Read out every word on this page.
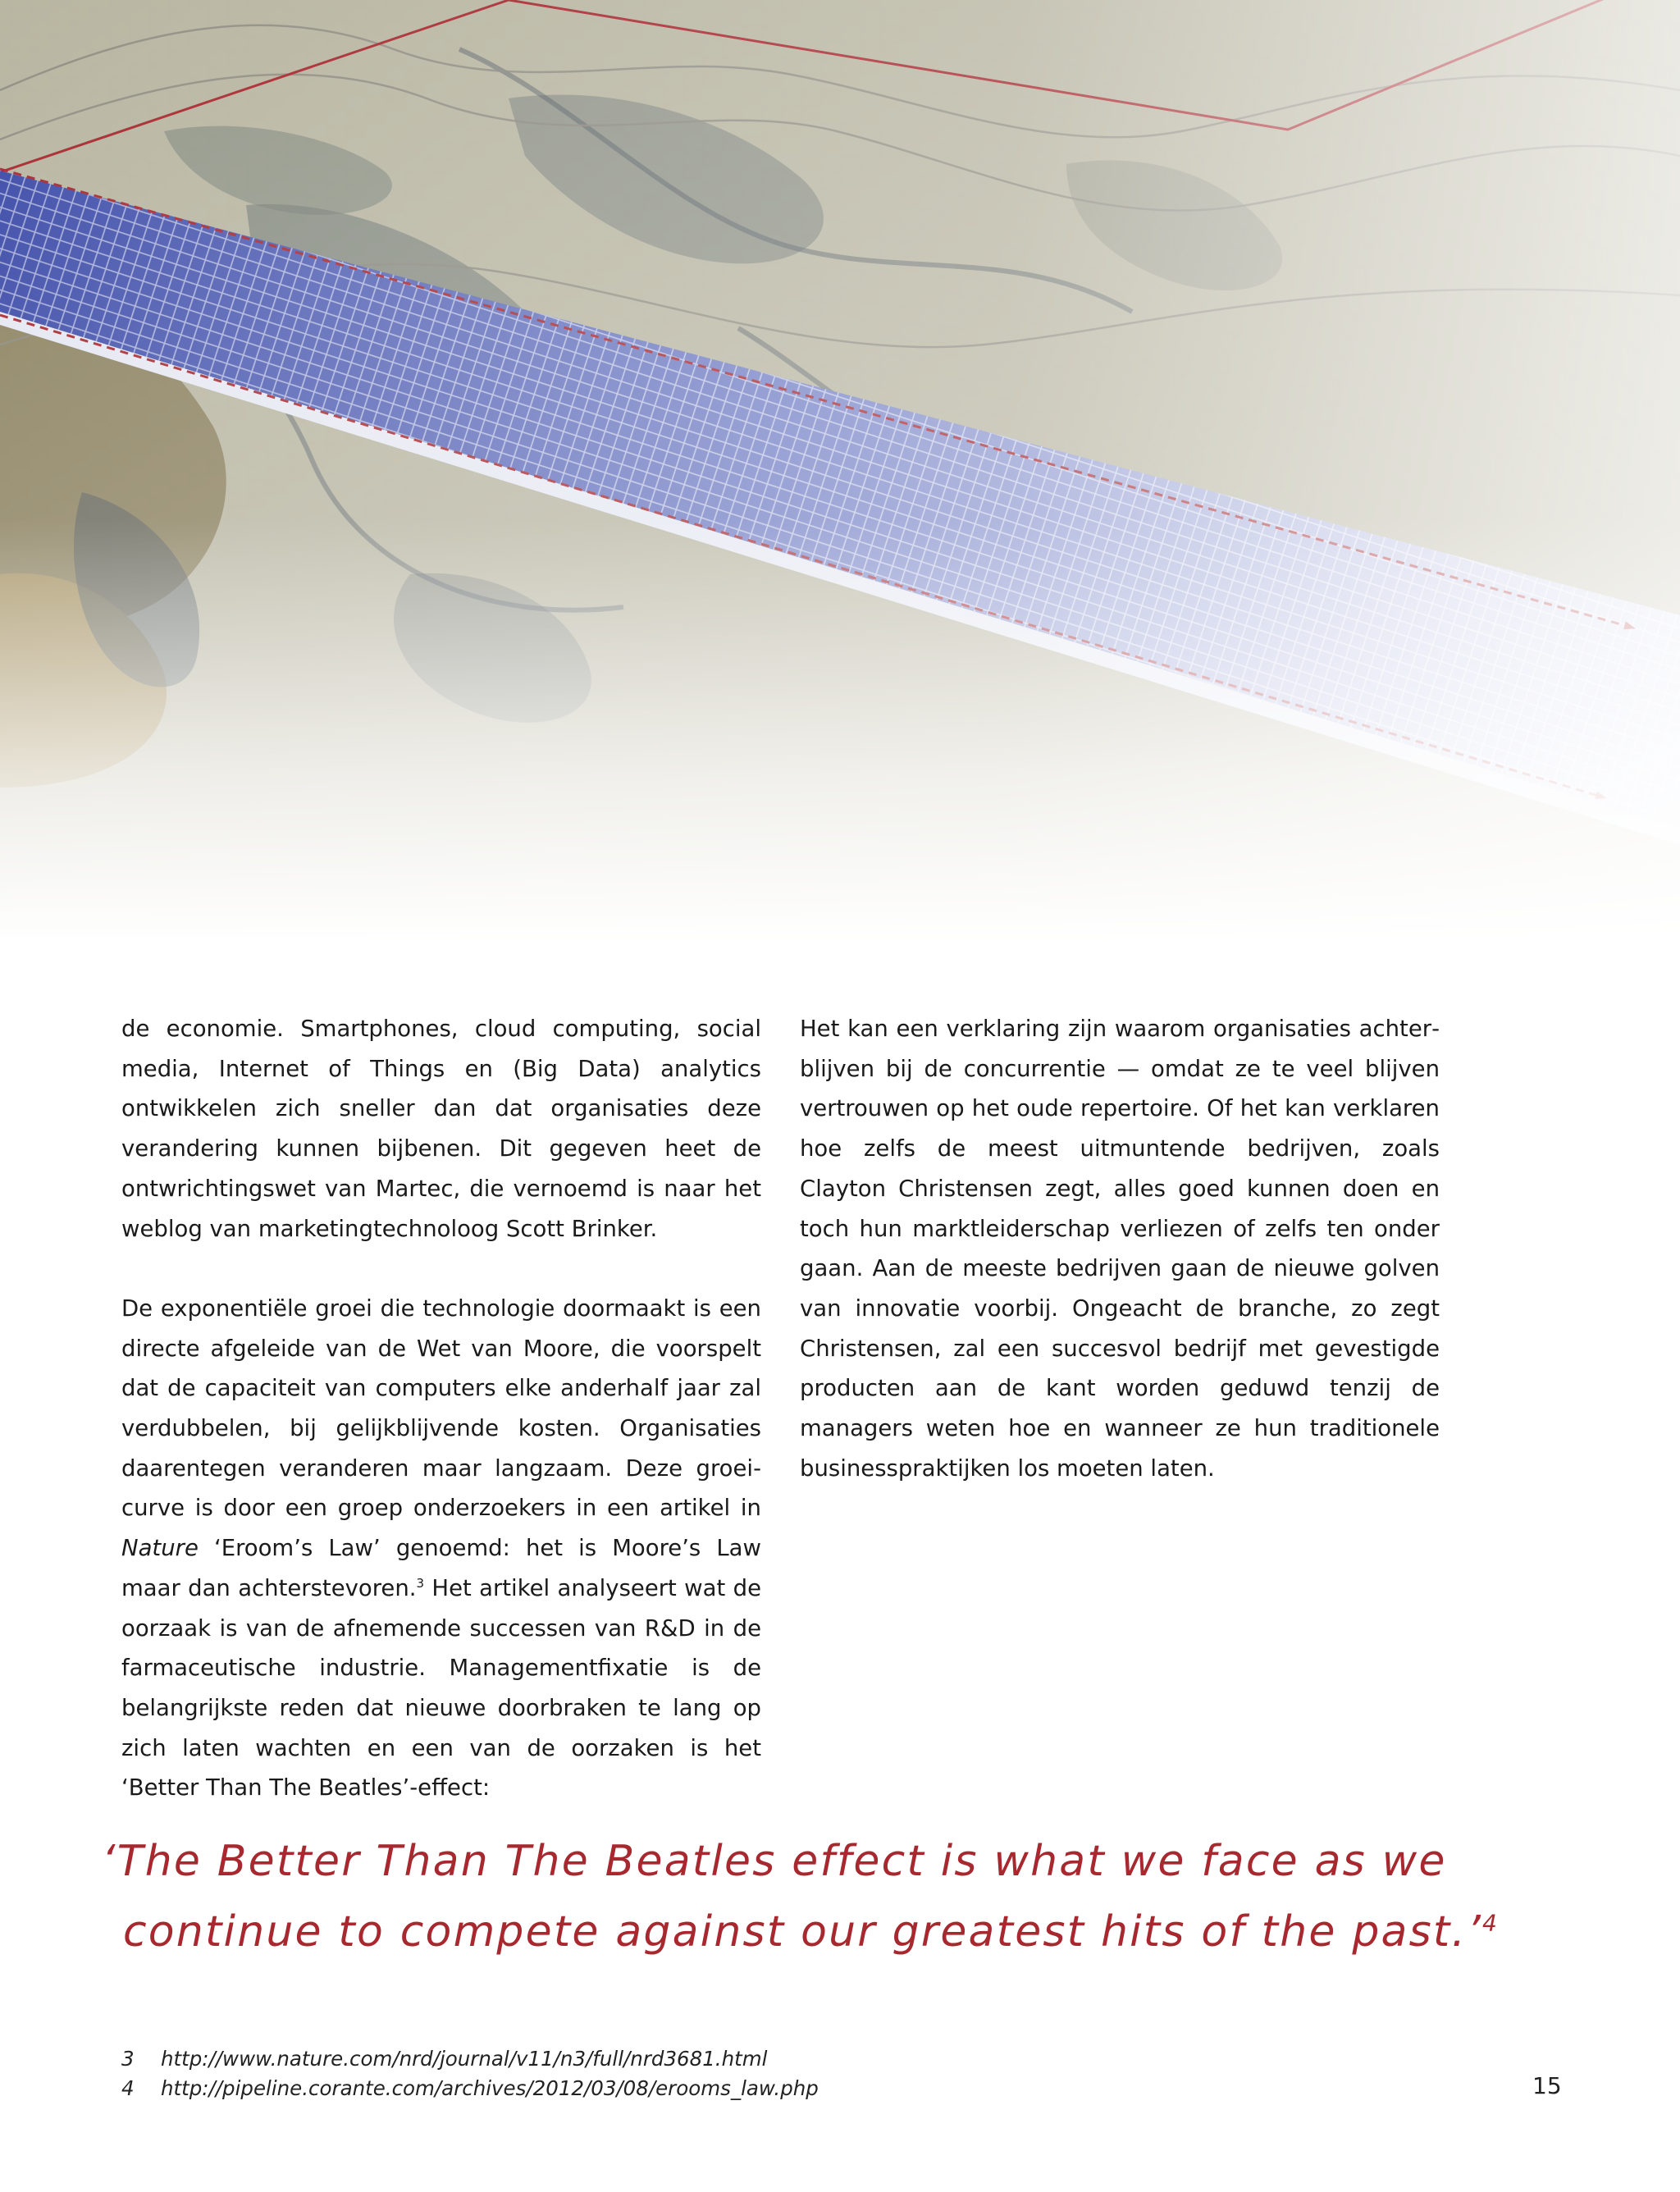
de economie. Smartphones, cloud computing, social media, Internet of Things en (Big Data) analytics ontwikkelen zich sneller dan dat organisaties deze verandering kunnen bijbenen. Dit gegeven heet de ontwrichtingswet van Martec, die vernoemd is naar het weblog van marketingtechnoloog Scott Brinker.

De exponentiële groei die technologie doormaakt is een directe afgeleide van de Wet van Moore, die voorspelt dat de capaciteit van computers elke anderhalf jaar zal verdubbelen, bij gelijkblijvende kosten. Organisaties daarentegen veranderen maar langzaam. Deze groeicurve is door een groep onderzoekers in een artikel in Nature ‘Eroom’s Law’ genoemd: het is Moore’s Law maar dan achterstevoren.$^3$ Het artikel analyseert wat de oorzaak is van de afnemende successen van R&D in de farmaceutische industrie. Managementfixatie is de belangrijkste reden dat nieuwe doorbraken te lang op zich laten wachten en een van de oorzaken is het ‘Better Than The Beatles’-effect:

Het kan een verklaring zijn waarom organisaties achterblijven bij de concurrentie — omdat ze te veel blijven vertrouwen op het oude repertoire. Of het kan verklaren hoe zelfs de meest uitmuntende bedrijven, zoals Clayton Christensen zegt, alles goed kunnen doen en toch hun marktleiderschap verliezen of zelfs ten onder gaan. Aan de meeste bedrijven gaan de nieuwe golven van innovatie voorbij. Ongeacht de branche, zo zegt Christensen, zal een succesvol bedrijf met gevestigde producten aan de kant worden geduwd tenzij de managers weten hoe en wanneer ze hun traditionele businesspraktijken los moeten laten.

‘The Better Than The Beatles effect is what we face as we
continue to compete against our greatest hits of the past.’$^4$
3	http://www.nature.com/nrd/journal/v11/n3/full/nrd3681.html
4	http://pipeline.corante.com/archives/2012/03/08/erooms_law.php	15
